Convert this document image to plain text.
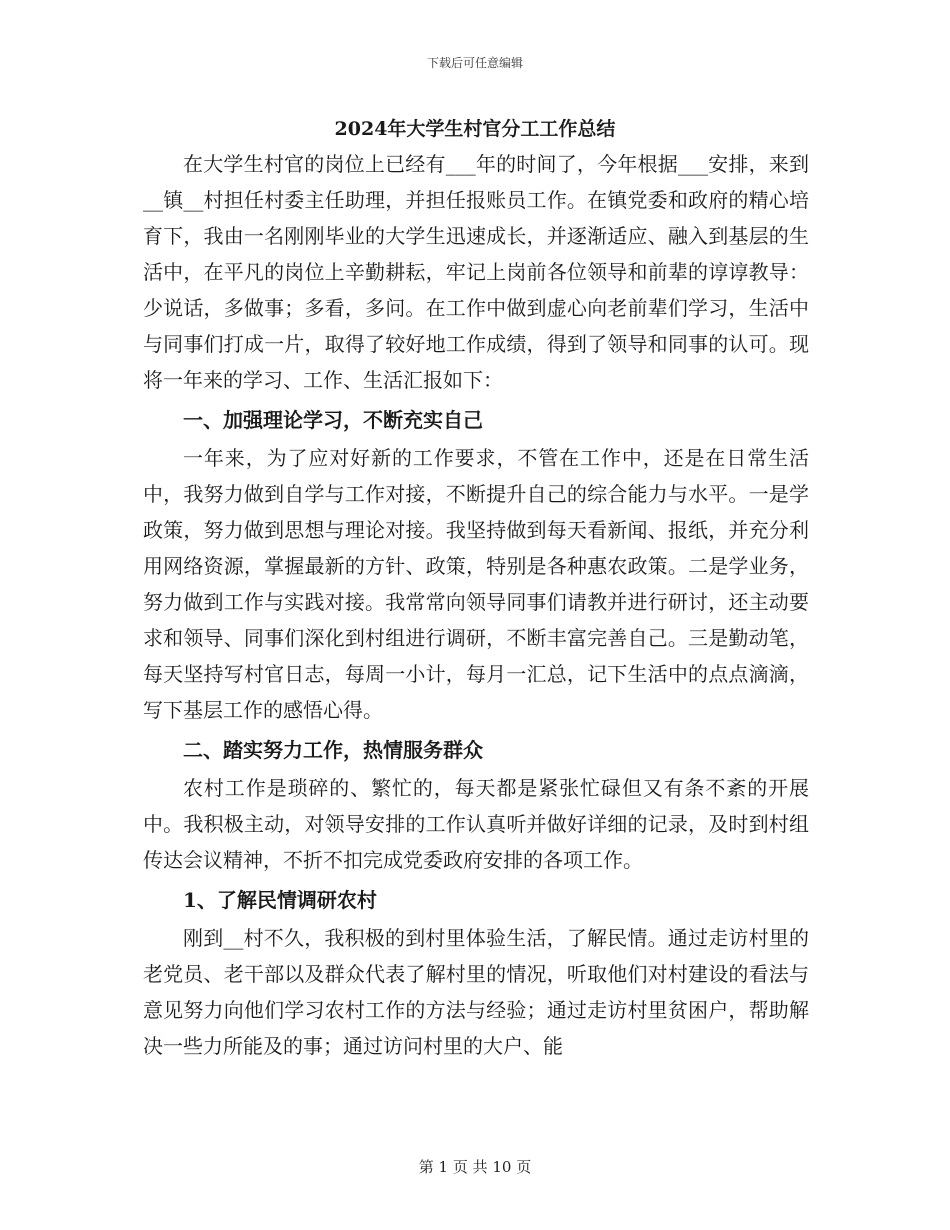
下载后可任意编辑
2024年大学生村官分工工作总结

在大学生村官的岗位上已经有___年的时间了，今年根据___安排，来到__镇__村担任村委主任助理，并担任报账员工作。在镇党委和政府的精心培育下，我由一名刚刚毕业的大学生迅速成长，并逐渐适应、融入到基层的生活中，在平凡的岗位上辛勤耕耘，牢记上岗前各位领导和前辈的谆谆教导：少说话，多做事；多看，多问。在工作中做到虚心向老前辈们学习，生活中与同事们打成一片，取得了较好地工作成绩，得到了领导和同事的认可。现将一年来的学习、工作、生活汇报如下：

一、加强理论学习，不断充实自己

一年来，为了应对好新的工作要求，不管在工作中，还是在日常生活中，我努力做到自学与工作对接，不断提升自己的综合能力与水平。一是学政策，努力做到思想与理论对接。我坚持做到每天看新闻、报纸，并充分利用网络资源，掌握最新的方针、政策，特别是各种惠农政策。二是学业务，努力做到工作与实践对接。我常常向领导同事们请教并进行研讨，还主动要求和领导、同事们深化到村组进行调研，不断丰富完善自己。三是勤动笔，每天坚持写村官日志，每周一小计，每月一汇总，记下生活中的点点滴滴，写下基层工作的感悟心得。

二、踏实努力工作，热情服务群众

农村工作是琐碎的、繁忙的，每天都是紧张忙碌但又有条不紊的开展中。我积极主动，对领导安排的工作认真听并做好详细的记录，及时到村组传达会议精神，不折不扣完成党委政府安排的各项工作。

1、了解民情调研农村

刚到__村不久，我积极的到村里体验生活，了解民情。通过走访村里的老党员、老干部以及群众代表了解村里的情况，听取他们对村建设的看法与意见努力向他们学习农村工作的方法与经验；通过走访村里贫困户，帮助解决一些力所能及的事；通过访问村里的大户、能

第 1 页 共 10 页
